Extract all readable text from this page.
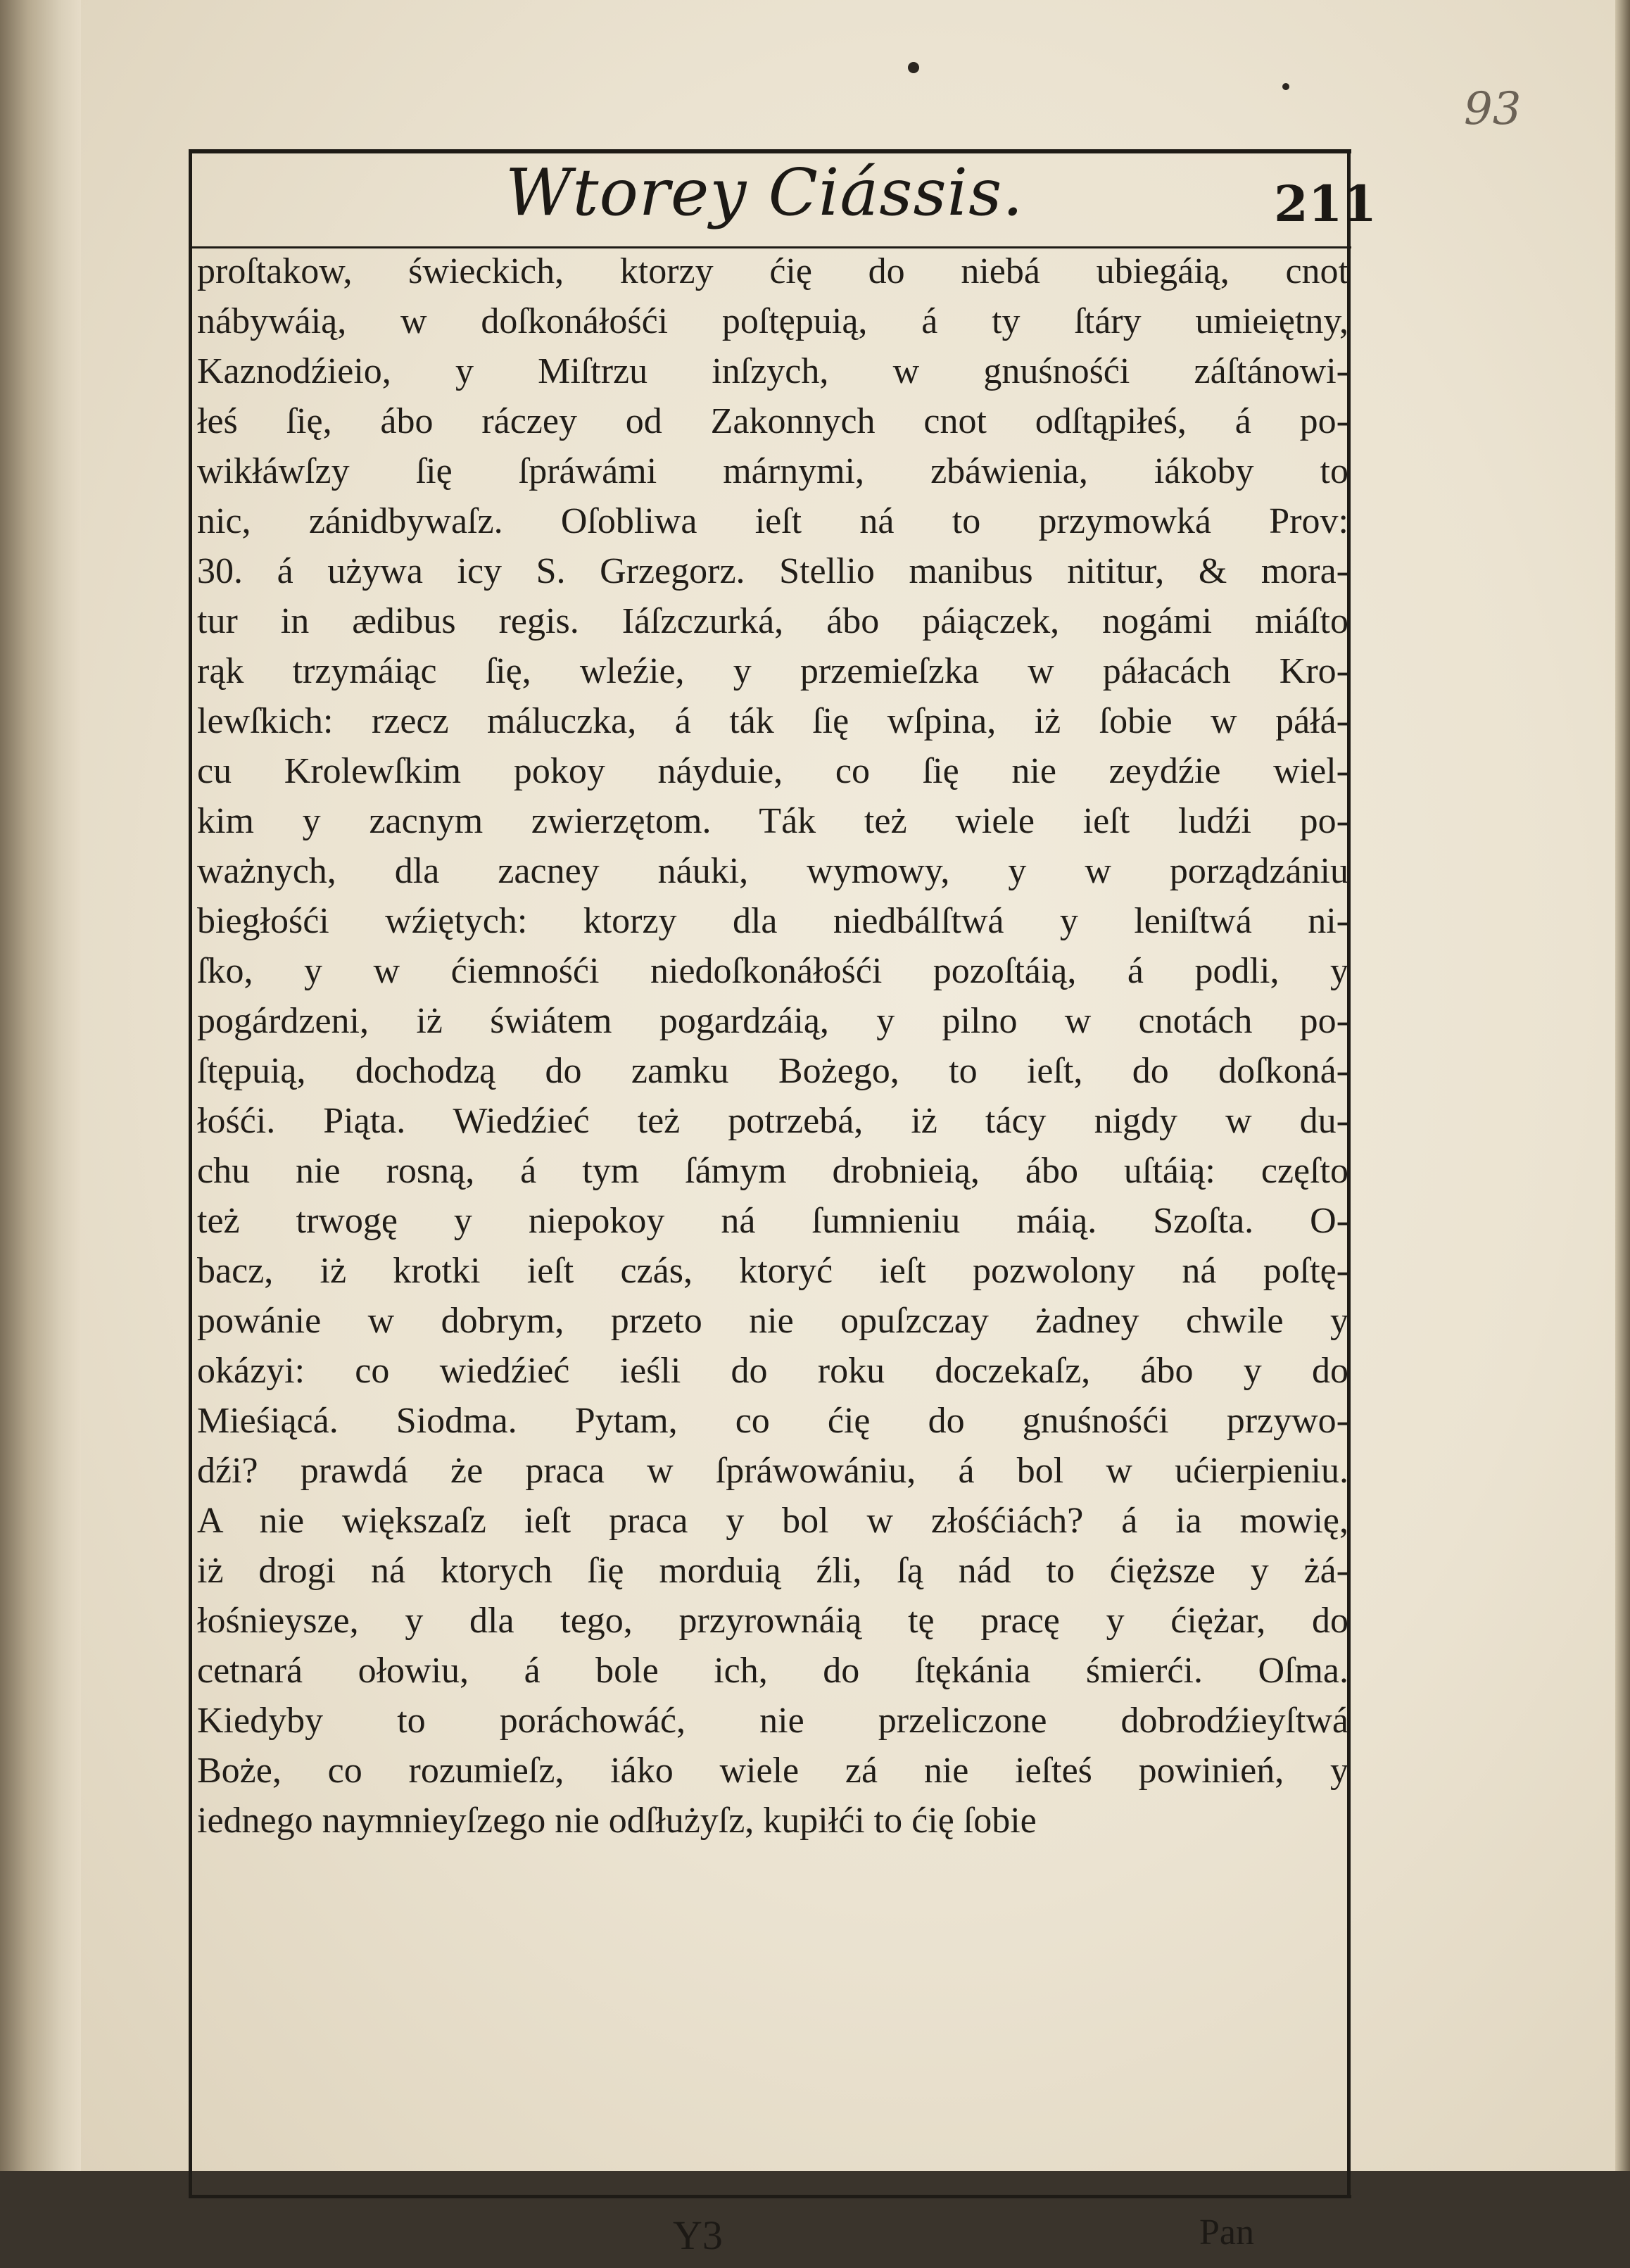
93
Wtorey Ciássis.	211
proſtakow, świeckich, ktorzy ćię do niebá ubiegáią, cnot
nábywáią, w doſkonáłośći poſtępuią, á ty ſtáry umieiętny,
Kaznodźieio, y Miſtrzu inſzych, w gnuśnośći záſtánowi-
łeś ſię, ábo ráczey od Zakonnych cnot odſtąpiłeś, á po-
wikłáwſzy ſię ſpráwámi márnymi, zbáwienia, iákoby to
nic, zánidbywaſz. Oſobliwa ieſt ná to przymowká Prov:
30. á używa icy S. Grzegorz. Stellio manibus nititur, & mora-
tur in ædibus regis. Iáſzczurká, ábo páiączek, nogámi miáſto
rąk trzymáiąc ſię, wleźie, y przemieſzka w páłacách Kro-
lewſkich: rzecz máluczka, á ták ſię wſpina, iż ſobie w páłá-
cu Krolewſkim pokoy náyduie, co ſię nie zeydźie wiel-
kim y zacnym zwierzętom. Ták też wiele ieſt ludźi po-
ważnych, dla zacney náuki, wymowy, y w porządzániu
biegłośći wźiętych: ktorzy dla niedbálſtwá y leniſtwá ni-
ſko, y w ćiemnośći niedoſkonáłośći pozoſtáią, á podli, y
pogárdzeni, iż świátem pogardzáią, y pilno w cnotách po-
ſtępuią, dochodzą do zamku Bożego, to ieſt, do doſkoná-
łośći. Piąta. Wiedźieć też potrzebá, iż tácy nigdy w du-
chu nie rosną, á tym ſámym drobnieią, ábo uſtáią: częſto
też trwogę y niepokoy ná ſumnieniu máią. Szoſta. O-
bacz, iż krotki ieſt czás, ktoryć ieſt pozwolony ná poſtę-
powánie w dobrym, przeto nie opuſzczay żadney chwile y
okázyi: co wiedźieć ieśli do roku doczekaſz, ábo y do
Mieśiącá. Siodma. Pytam, co ćię do gnuśnośći przywo-
dźi? prawdá że praca w ſpráwowániu, á bol w ućierpieniu.
A nie większaſz ieſt praca y bol w złośćiách? á ia mowię,
iż drogi ná ktorych ſię morduią źli, ſą nád to ćięższe y żá-
łośnieysze, y dla tego, przyrownáią tę pracę y ćiężar, do
cetnará ołowiu, á bole ich, do ſtękánia śmierći. Oſma.
Kiedyby to poráchowáć, nie przeliczone dobrodźieyſtwá
Boże, co rozumieſz, iáko wiele zá nie ieſteś powinień, y
iednego naymnieyſzego nie odſłużyſz, kupiłći to ćię ſobie
Y3	Pan
